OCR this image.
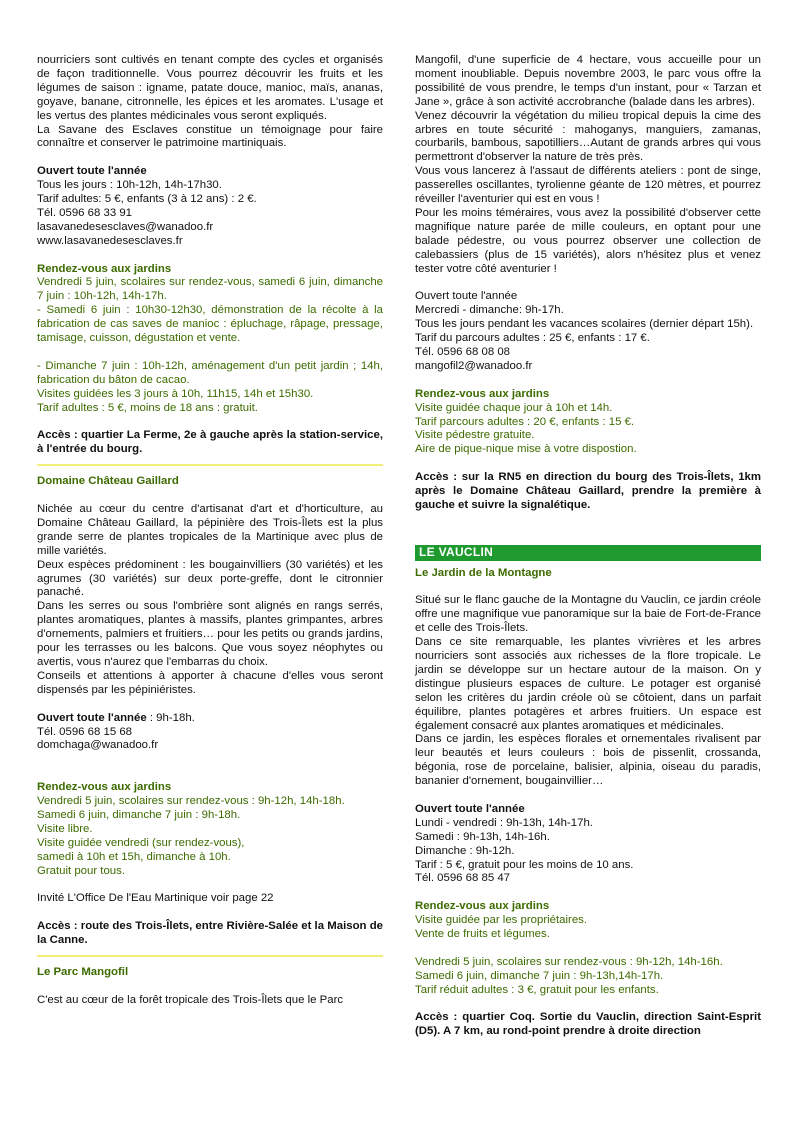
nourriciers sont cultivés en tenant compte des cycles et organisés de façon traditionnelle. Vous pourrez découvrir les fruits et les légumes de saison : igname, patate douce, manioc, maïs, ananas, goyave, banane, citronnelle, les épices et les aromates. L'usage et les vertus des plantes médicinales vous seront expliqués.

La Savane des Esclaves constitue un témoignage pour faire connaître et conserver le patrimoine martiniquais.

Ouvert toute l'année

Tous les jours : 10h-12h, 14h-17h30.

Tarif adultes: 5 €, enfants (3 à 12 ans) : 2 €.

Tél. 0596 68 33 91

lasavanedesesclaves@wanadoo.fr

www.lasavanedesesclaves.fr

Rendez-vous aux jardins

Vendredi 5 juin, scolaires sur rendez-vous, samedi 6 juin, dimanche 7 juin : 10h-12h, 14h-17h.

- Samedi 6 juin : 10h30-12h30, démonstration de la récolte à la fabrication de cas saves de manioc : épluchage, râpage, pressage, tamisage, cuisson, dégustation et vente.

- Dimanche 7 juin : 10h-12h, aménagement d'un petit jardin ; 14h, fabrication du bâton de cacao.

Visites guidées les 3 jours à 10h, 11h15, 14h et 15h30.

Tarif adultes : 5 €, moins de 18 ans : gratuit.

Accès : quartier La Ferme, 2e à gauche après la station-service, à l'entrée du bourg.

Domaine Château Gaillard

Nichée au cœur du centre d'artisanat d'art et d'horticulture, au Domaine Château Gaillard, la pépinière des Trois-Îlets est la plus grande serre de plantes tropicales de la Martinique avec plus de mille variétés.

Deux espèces prédominent : les bougainvilliers (30 variétés) et les agrumes (30 variétés) sur deux porte-greffe, dont le citronnier panaché.

Dans les serres ou sous l'ombrière sont alignés en rangs serrés, plantes aromatiques, plantes à massifs, plantes grimpantes, arbres d'ornements, palmiers et fruitiers… pour les petits ou grands jardins, pour les terrasses ou les balcons. Que vous soyez néophytes ou avertis, vous n'aurez que l'embarras du choix.

Conseils et attentions à apporter à chacune d'elles vous seront dispensés par les pépiniéristes.

Ouvert toute l'année : 9h-18h.

Tél. 0596 68 15 68

domchaga@wanadoo.fr

Rendez-vous aux jardins

Vendredi 5 juin, scolaires sur rendez-vous : 9h-12h, 14h-18h.

Samedi 6 juin, dimanche 7 juin : 9h-18h.

Visite libre.

Visite guidée vendredi (sur rendez-vous),

samedi à 10h et 15h, dimanche à 10h.

Gratuit pour tous.

Invité L'Office De l'Eau Martinique voir page 22

Accès : route des Trois-Îlets, entre Rivière-Salée et la Maison de la Canne.

Le Parc Mangofil

C'est au cœur de la forêt tropicale des Trois-Îlets que le Parc

Mangofil, d'une superficie de 4 hectare, vous accueille pour un moment inoubliable. Depuis novembre 2003, le parc vous offre la possibilité de vous prendre, le temps d'un instant, pour « Tarzan et Jane », grâce à son activité accrobranche (balade dans les arbres).

Venez découvrir la végétation du milieu tropical depuis la cime des arbres en toute sécurité : mahoganys, manguiers, zamanas, courbarils, bambous, sapotilliers…Autant de grands arbres qui vous permettront d'observer la nature de très près.

Vous vous lancerez à l'assaut de différents ateliers : pont de singe, passerelles oscillantes, tyrolienne géante de 120 mètres, et pourrez réveiller l'aventurier qui est en vous !

Pour les moins téméraires, vous avez la possibilité d'observer cette magnifique nature parée de mille couleurs, en optant pour une balade pédestre, ou vous pourrez observer une collection de calebassiers (plus de 15 variétés), alors n'hésitez plus et venez tester votre côté aventurier !

Ouvert toute l'année

Mercredi - dimanche: 9h-17h.

Tous les jours pendant les vacances scolaires (dernier départ 15h).

Tarif du parcours adultes : 25 €, enfants : 17 €.

Tél. 0596 68 08 08

mangofil2@wanadoo.fr

Rendez-vous aux jardins

Visite guidée chaque jour à 10h et 14h.

Tarif parcours adultes : 20 €, enfants : 15 €.

Visite pédestre gratuite.

Aire de pique-nique mise à votre dispostion.

Accès : sur la RN5 en direction du bourg des Trois-Îlets, 1km après le Domaine Château Gaillard, prendre la première à gauche et suivre la signalétique.

LE VAUCLIN

Le Jardin de la Montagne

Situé sur le flanc gauche de la Montagne du Vauclin, ce jardin créole offre une magnifique vue panoramique sur la baie de Fort-de-France et celle des Trois-Îlets.

Dans ce site remarquable, les plantes vivrières et les arbres nourriciers sont associés aux richesses de la flore tropicale. Le jardin se développe sur un hectare autour de la maison. On y distingue plusieurs espaces de culture. Le potager est organisé selon les critères du jardin créole où se côtoient, dans un parfait équilibre, plantes potagères et arbres fruitiers. Un espace est également consacré aux plantes aromatiques et médicinales.

Dans ce jardin, les espèces florales et ornementales rivalisent par leur beautés et leurs couleurs : bois de pissenlit, crossanda, bégonia, rose de porcelaine, balisier, alpinia, oiseau du paradis, bananier d'ornement, bougainvillier…

Ouvert toute l'année

Lundi - vendredi : 9h-13h, 14h-17h.

Samedi : 9h-13h, 14h-16h.

Dimanche : 9h-12h.

Tarif : 5 €, gratuit pour les moins de 10 ans.

Tél. 0596 68 85 47

Rendez-vous aux jardins

Visite guidée par les propriétaires.

Vente de fruits et légumes.

Vendredi 5 juin, scolaires sur rendez-vous : 9h-12h, 14h-16h.

Samedi 6 juin, dimanche 7 juin : 9h-13h,14h-17h.

Tarif réduit adultes : 3 €, gratuit pour les enfants.

Accès : quartier Coq. Sortie du Vauclin, direction Saint-Esprit (D5). A 7 km, au rond-point prendre à droite direction
